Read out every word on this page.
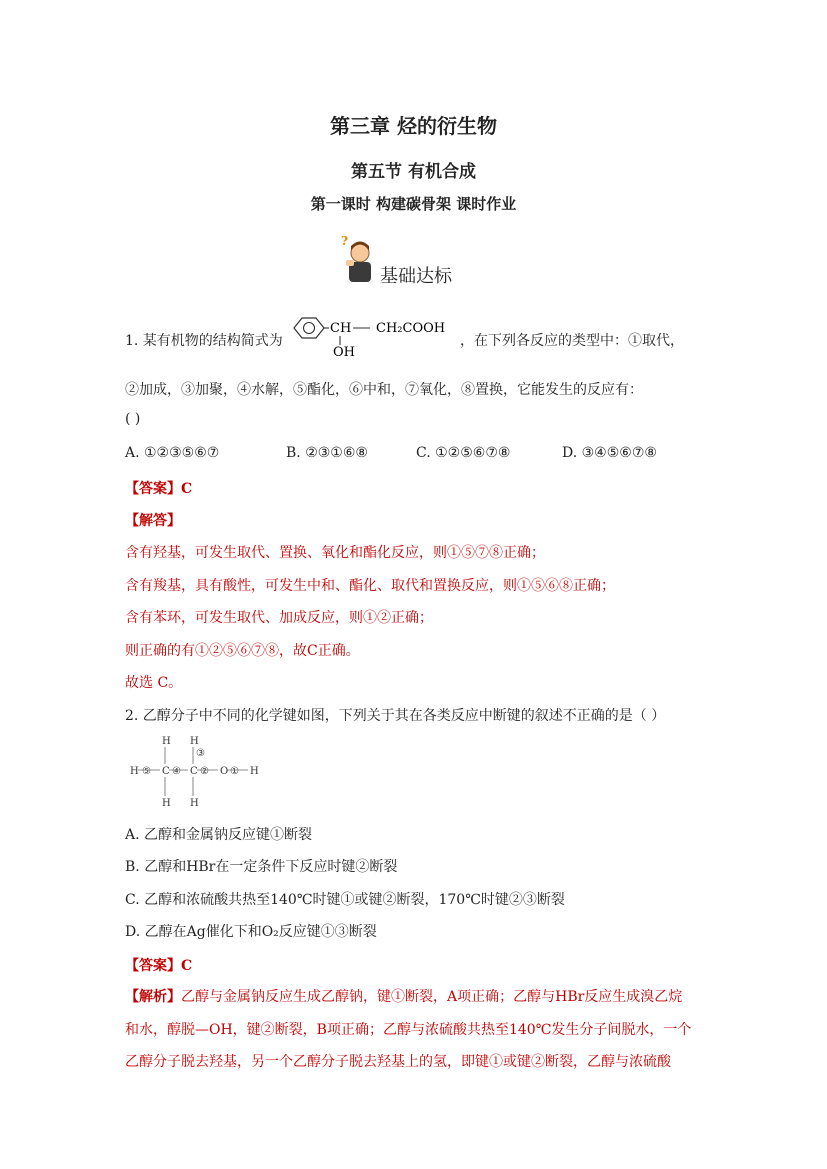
第三章 烃的衍生物
第五节 有机合成
第一课时 构建碳骨架 课时作业
?
基础达标
1. 某有机物的结构简式为
CH
OH
CH₂COOH
，在下列各反应的类型中：①取代，
②加成，③加聚，④水解，⑤酯化，⑥中和，⑦氧化，⑧置换，它能发生的反应有：
( )
A. ①②③⑤⑥⑦	B. ②③①⑥⑧	C. ①②⑤⑥⑦⑧	D. ③④⑤⑥⑦⑧
【答案】C
【解答】
含有羟基，可发生取代、置换、氧化和酯化反应，则①⑤⑦⑧正确；
含有羧基，具有酸性，可发生中和、酯化、取代和置换反应，则①⑤⑥⑧正确；
含有苯环，可发生取代、加成反应，则①②正确；
则正确的有①②⑤⑥⑦⑧，故C正确。
故选 C。
2. 乙醇分子中不同的化学键如图，下列关于其在各类反应中断键的叙述不正确的是（ ）
H H
H C C O H
H H
⑤ ④ ② ①
③
A. 乙醇和金属钠反应键①断裂
B. 乙醇和HBr在一定条件下反应时键②断裂
C. 乙醇和浓硫酸共热至140℃时键①或键②断裂，170℃时键②③断裂
D. 乙醇在Ag催化下和O₂反应键①③断裂
【答案】C
【解析】乙醇与金属钠反应生成乙醇钠，键①断裂，A项正确；乙醇与HBr反应生成溴乙烷
和水，醇脱—OH，键②断裂，B项正确；乙醇与浓硫酸共热至140℃发生分子间脱水，一个
乙醇分子脱去羟基，另一个乙醇分子脱去羟基上的氢，即键①或键②断裂，乙醇与浓硫酸
